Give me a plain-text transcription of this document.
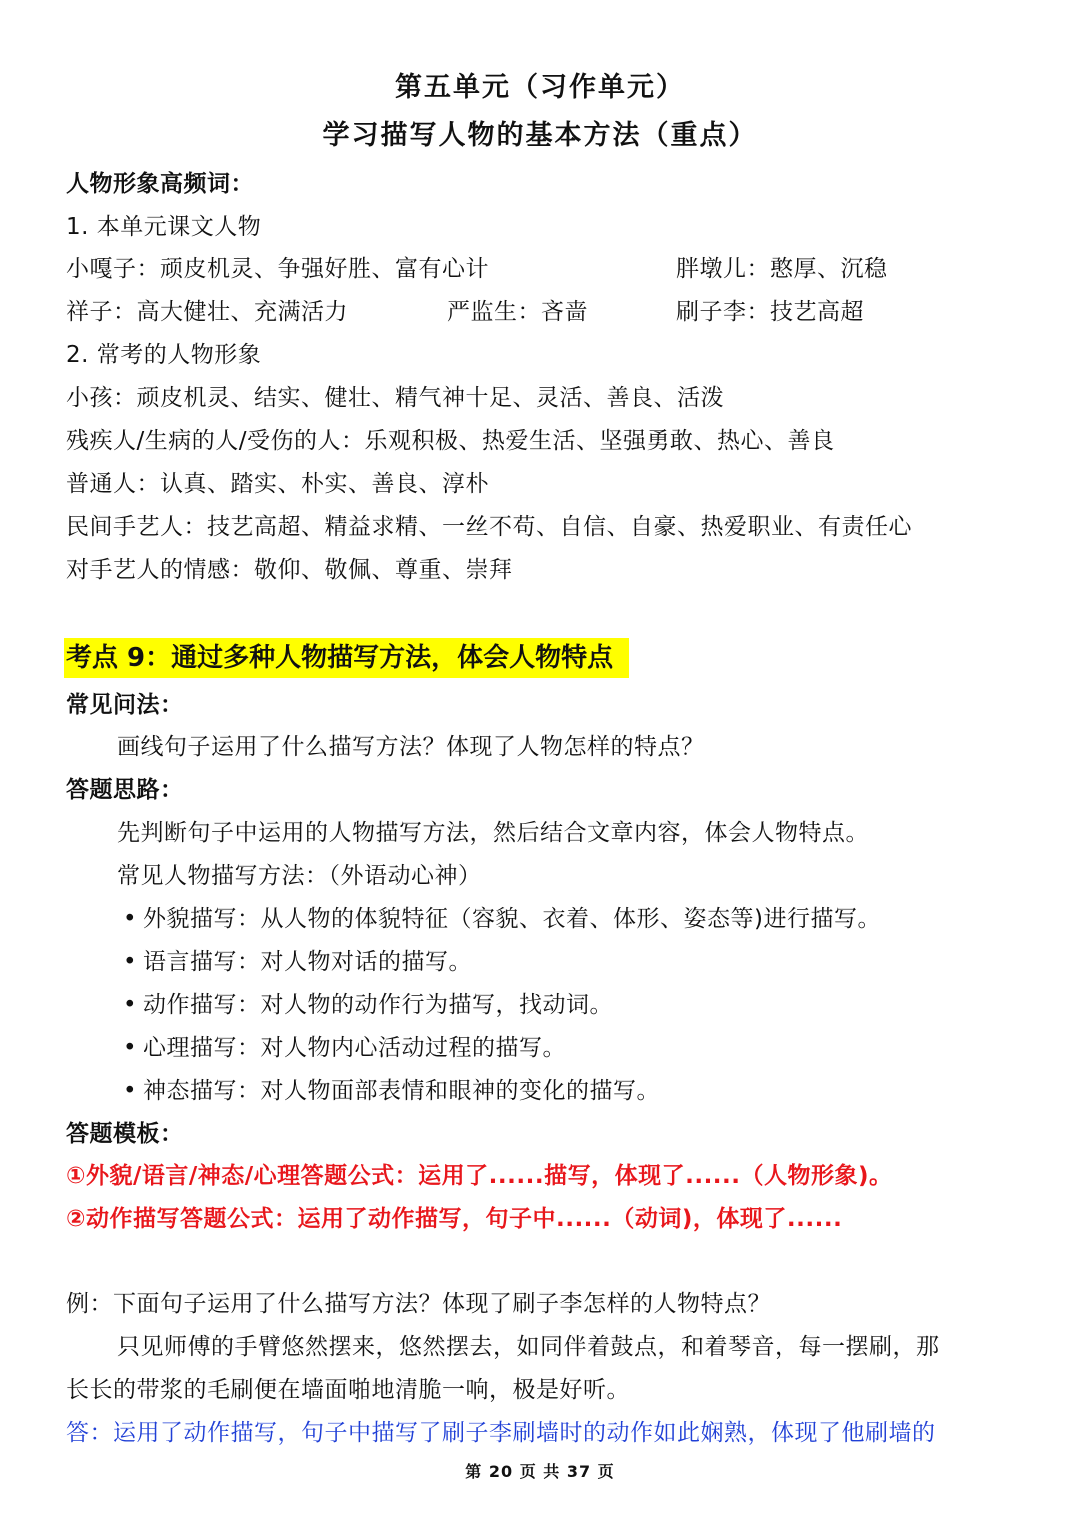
第五单元（习作单元）
学习描写人物的基本方法（重点）
人物形象高频词：
1. 本单元课文人物
小嘎子：顽皮机灵、争强好胜、富有心计	胖墩儿：憨厚、沉稳
祥子：高大健壮、充满活力	严监生：吝啬	刷子李：技艺高超
2. 常考的人物形象
小孩：顽皮机灵、结实、健壮、精气神十足、灵活、善良、活泼
残疾人/生病的人/受伤的人：乐观积极、热爱生活、坚强勇敢、热心、善良
普通人：认真、踏实、朴实、善良、淳朴
民间手艺人：技艺高超、精益求精、一丝不苟、自信、自豪、热爱职业、有责任心
对手艺人的情感：敬仰、敬佩、尊重、崇拜
考点 9：通过多种人物描写方法，体会人物特点
常见问法：
画线句子运用了什么描写方法？体现了人物怎样的特点？
答题思路：
先判断句子中运用的人物描写方法，然后结合文章内容，体会人物特点。
常见人物描写方法：（外语动心神）
• 外貌描写：从人物的体貌特征（容貌、衣着、体形、姿态等)进行描写。
• 语言描写：对人物对话的描写。
• 动作描写：对人物的动作行为描写，找动词。
• 心理描写：对人物内心活动过程的描写。
• 神态描写：对人物面部表情和眼神的变化的描写。
答题模板：
①外貌/语言/神态/心理答题公式：运用了......描写，体现了......（人物形象)。
②动作描写答题公式：运用了动作描写，句子中......（动词)，体现了......
例：下面句子运用了什么描写方法？体现了刷子李怎样的人物特点？
只见师傅的手臂悠然摆来，悠然摆去，如同伴着鼓点，和着琴音，每一摆刷，那
长长的带浆的毛刷便在墙面啪地清脆一响，极是好听。
答：运用了动作描写，句子中描写了刷子李刷墙时的动作如此娴熟，体现了他刷墙的
第 20 页 共 37 页
